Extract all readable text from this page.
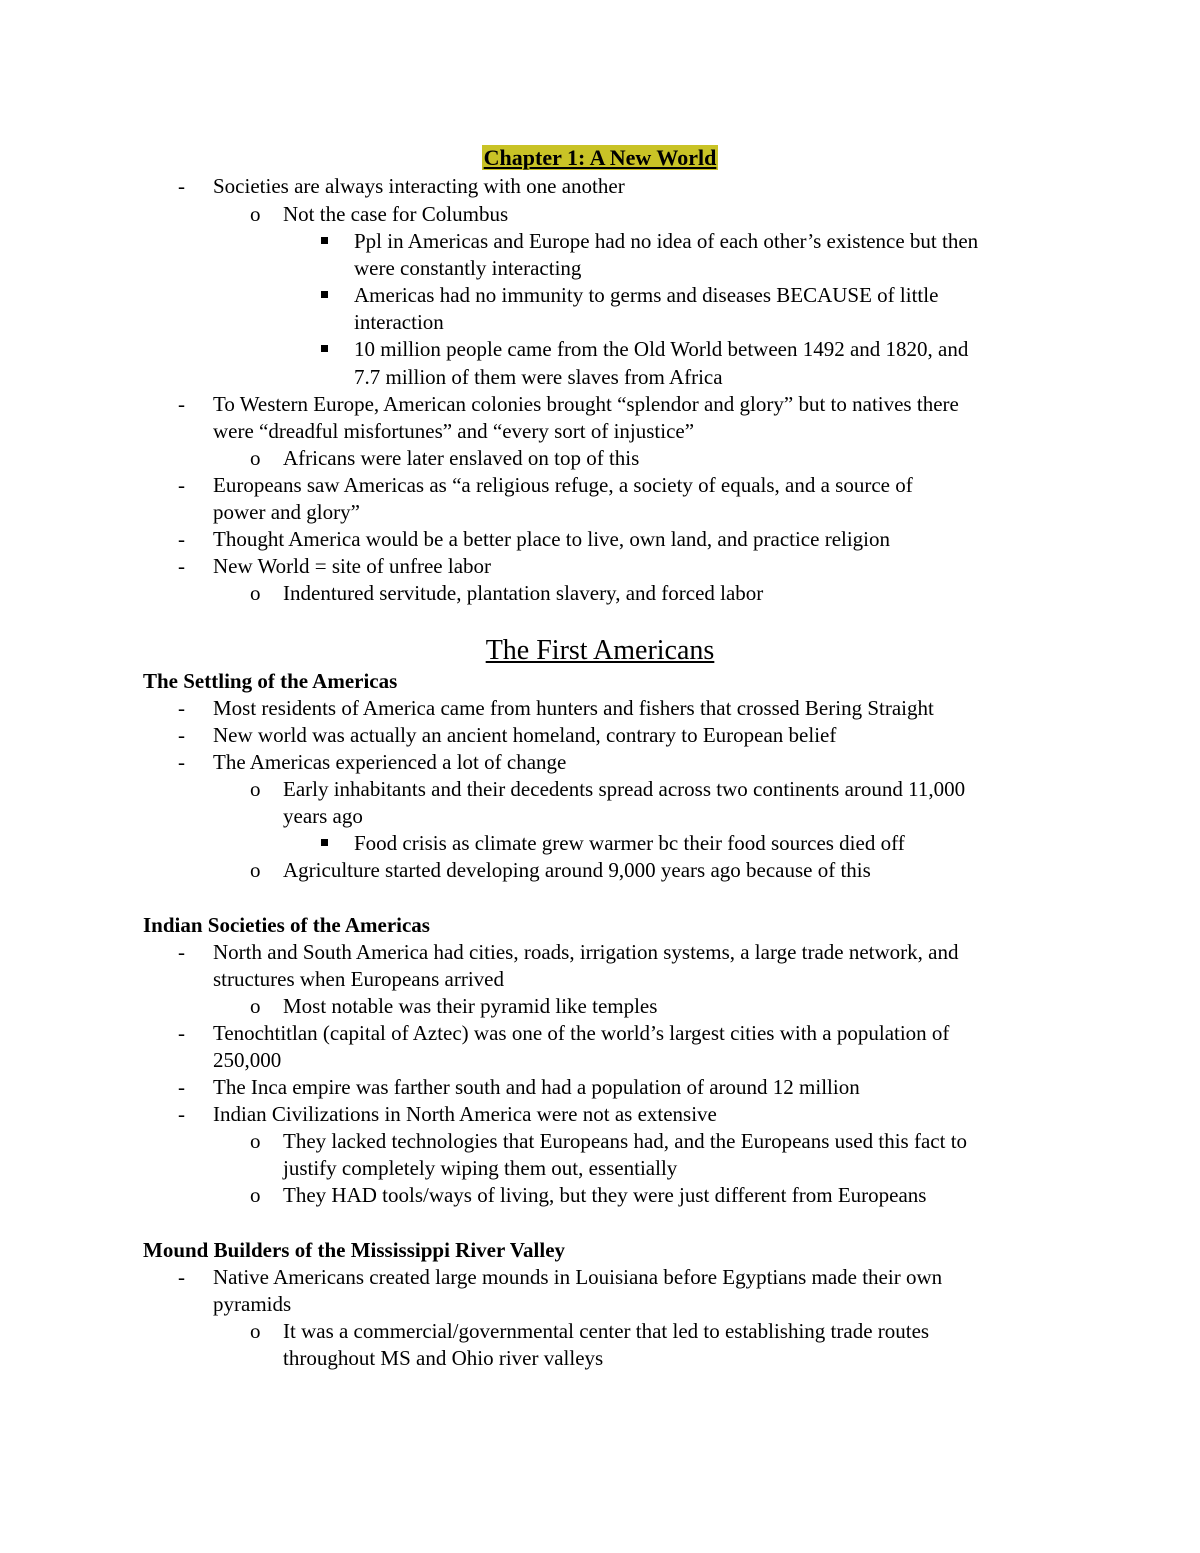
Chapter 1: A New World
- Societies are always interacting with one another
o Not the case for Columbus
Ppl in Americas and Europe had no idea of each other’s existence but then
were constantly interacting
Americas had no immunity to germs and diseases BECAUSE of little
interaction
10 million people came from the Old World between 1492 and 1820, and
7.7 million of them were slaves from Africa
- To Western Europe, American colonies brought “splendor and glory” but to natives there
were “dreadful misfortunes” and “every sort of injustice”
o Africans were later enslaved on top of this
- Europeans saw Americas as “a religious refuge, a society of equals, and a source of
power and glory”
- Thought America would be a better place to live, own land, and practice religion
- New World = site of unfree labor
o Indentured servitude, plantation slavery, and forced labor
The First Americans
The Settling of the Americas
- Most residents of America came from hunters and fishers that crossed Bering Straight
- New world was actually an ancient homeland, contrary to European belief
- The Americas experienced a lot of change
o Early inhabitants and their decedents spread across two continents around 11,000
years ago
Food crisis as climate grew warmer bc their food sources died off
o Agriculture started developing around 9,000 years ago because of this
Indian Societies of the Americas
- North and South America had cities, roads, irrigation systems, a large trade network, and
structures when Europeans arrived
o Most notable was their pyramid like temples
- Tenochtitlan (capital of Aztec) was one of the world’s largest cities with a population of
250,000
- The Inca empire was farther south and had a population of around 12 million
- Indian Civilizations in North America were not as extensive
o They lacked technologies that Europeans had, and the Europeans used this fact to
justify completely wiping them out, essentially
o They HAD tools/ways of living, but they were just different from Europeans
Mound Builders of the Mississippi River Valley
- Native Americans created large mounds in Louisiana before Egyptians made their own
pyramids
o It was a commercial/governmental center that led to establishing trade routes
throughout MS and Ohio river valleys
